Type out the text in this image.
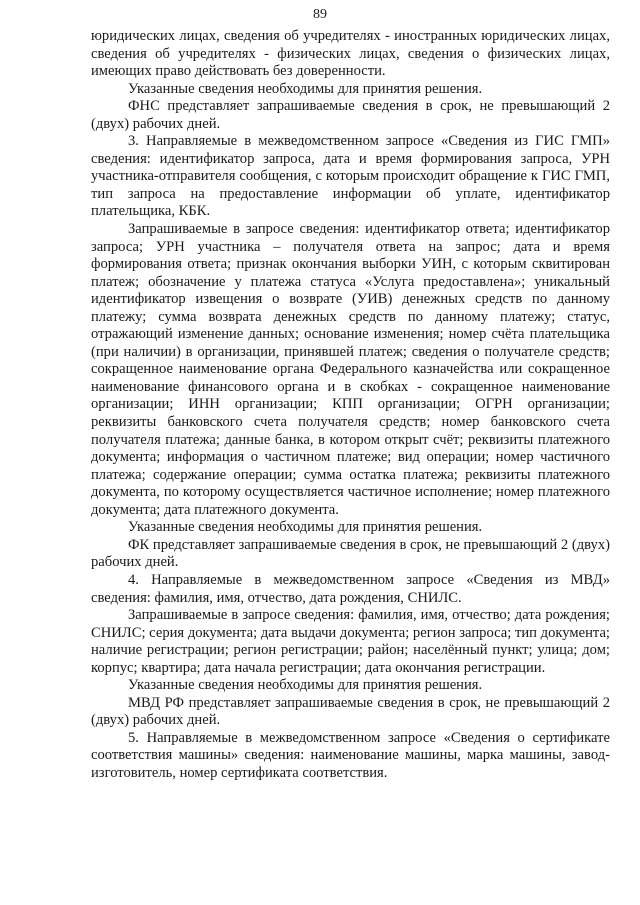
89

юридических лицах, сведения об учредителях - иностранных юридических лицах, сведения об учредителях - физических лицах, сведения о физических лицах, имеющих право действовать без доверенности.

Указанные сведения необходимы для принятия решения.

ФНС представляет запрашиваемые сведения в срок, не превышающий 2 (двух) рабочих дней.

3. Направляемые в межведомственном запросе «Сведения из ГИС ГМП» сведения: идентификатор запроса, дата и время формирования запроса, УРН участника-отправителя сообщения, с которым происходит обращение к ГИС ГМП, тип запроса на предоставление информации об уплате, идентификатор плательщика, КБК.

Запрашиваемые в запросе сведения: идентификатор ответа; идентификатор запроса; УРН участника – получателя ответа на запрос; дата и время формирования ответа; признак окончания выборки УИН, с которым сквитирован платеж; обозначение у платежа статуса «Услуга предоставлена»; уникальный идентификатор извещения о возврате (УИВ) денежных средств по данному платежу; сумма возврата денежных средств по данному платежу; статус, отражающий изменение данных; основание изменения; номер счёта плательщика (при наличии) в организации, принявшей платеж; сведения о получателе средств; сокращенное наименование органа Федерального казначейства или сокращенное наименование финансового органа и в скобках - сокращенное наименование организации; ИНН организации; КПП организации; ОГРН организации; реквизиты банковского счета получателя средств; номер банковского счета получателя платежа; данные банка, в котором открыт счёт; реквизиты платежного документа; информация о частичном платеже; вид операции; номер частичного платежа; содержание операции; сумма остатка платежа; реквизиты платежного документа, по которому осуществляется частичное исполнение; номер платежного документа; дата платежного документа.

Указанные сведения необходимы для принятия решения.

ФК представляет запрашиваемые сведения в срок, не превышающий 2 (двух) рабочих дней.

4. Направляемые в межведомственном запросе «Сведения из МВД» сведения: фамилия, имя, отчество, дата рождения, СНИЛС.

Запрашиваемые в запросе сведения: фамилия, имя, отчество; дата рождения; СНИЛС; серия документа; дата выдачи документа; регион запроса; тип документа; наличие регистрации; регион регистрации; район; населённый пункт; улица; дом; корпус; квартира; дата начала регистрации; дата окончания регистрации.

Указанные сведения необходимы для принятия решения.

МВД РФ представляет запрашиваемые сведения в срок, не превышающий 2 (двух) рабочих дней.

5. Направляемые в межведомственном запросе «Сведения о сертификате соответствия машины» сведения: наименование машины, марка машины, завод-изготовитель, номер сертификата соответствия.
